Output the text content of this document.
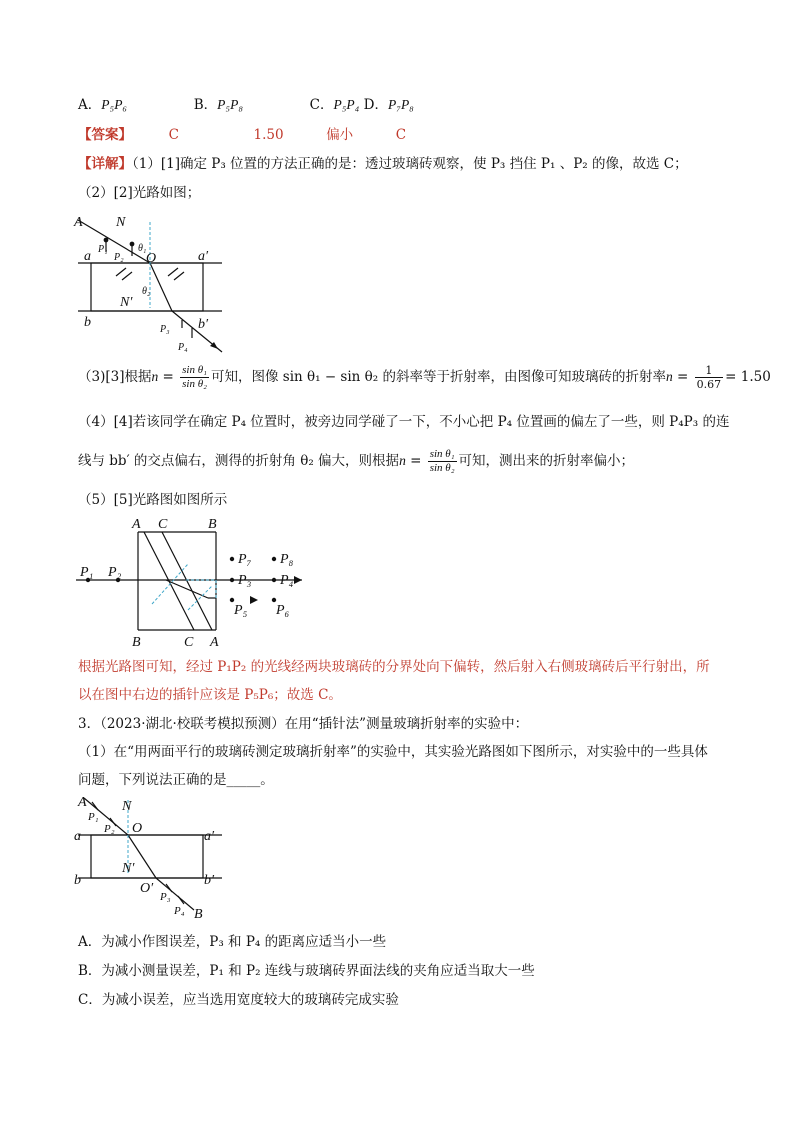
A．P₅P₆	B．P₅P₈	C．P₅P₄ D．P₇P₈
【答案】	C	1.50	偏小	C
【详解】（1）[1]确定 P₃ 位置的方法正确的是：透过玻璃砖观察，使 P₃ 挡住 P₁ 、P₂ 的像，故选 C；
（2）[2]光路如图；
A N
O
a	a′
b	b′
N′
P₁
P₂
P₃
P₄
θ₁
θ₂
（3)[3]根据$n = \frac{\text{sin θ₁}}{\text{sin θ₂}}$ 可知，图像 sin θ₁ − sin θ₂ 的斜率等于折射率，由图像可知玻璃砖的折射率$n = \frac{1}{0.67} = 1.50$
（4）[4]若该同学在确定 P₄ 位置时，被旁边同学碰了一下，不小心把 P₄ 位置画的偏左了一些，则 P₄P₃ 的连
线与 bb′ 的交点偏右，测得的折射角 θ₂ 偏大，则根据$n = \frac{\text{sin θ₁}}{\text{sin θ₂}}$ 可知，测出来的折射率偏小；
（5）[5]光路图如图所示
A C	B
B	C A
P₁ P₂
P₇
P₃
P₅
P₈
P₄
P₆
根据光路图可知，经过 P₁P₂ 的光线经两块玻璃砖的分界处向下偏转，然后射入右侧玻璃砖后平行射出，所
以在图中右边的插针应该是 P₅P₆；故选 C。
3．（2023·湖北·校联考模拟预测）在用“插针法”测量玻璃折射率的实验中：
（1）在“用两面平行的玻璃砖测定玻璃折射率”的实验中，其实验光路图如下图所示，对实验中的一些具体
问题，下列说法正确的是_____。
A	N
O
a	a′
b	b′
N′
O′
B
P₁
P₂
P₃
P₄
A．为减小作图误差，P₃ 和 P₄ 的距离应适当小一些
B．为减小测量误差，P₁ 和 P₂ 连线与玻璃砖界面法线的夹角应适当取大一些
C．为减小误差，应当选用宽度较大的玻璃砖完成实验
